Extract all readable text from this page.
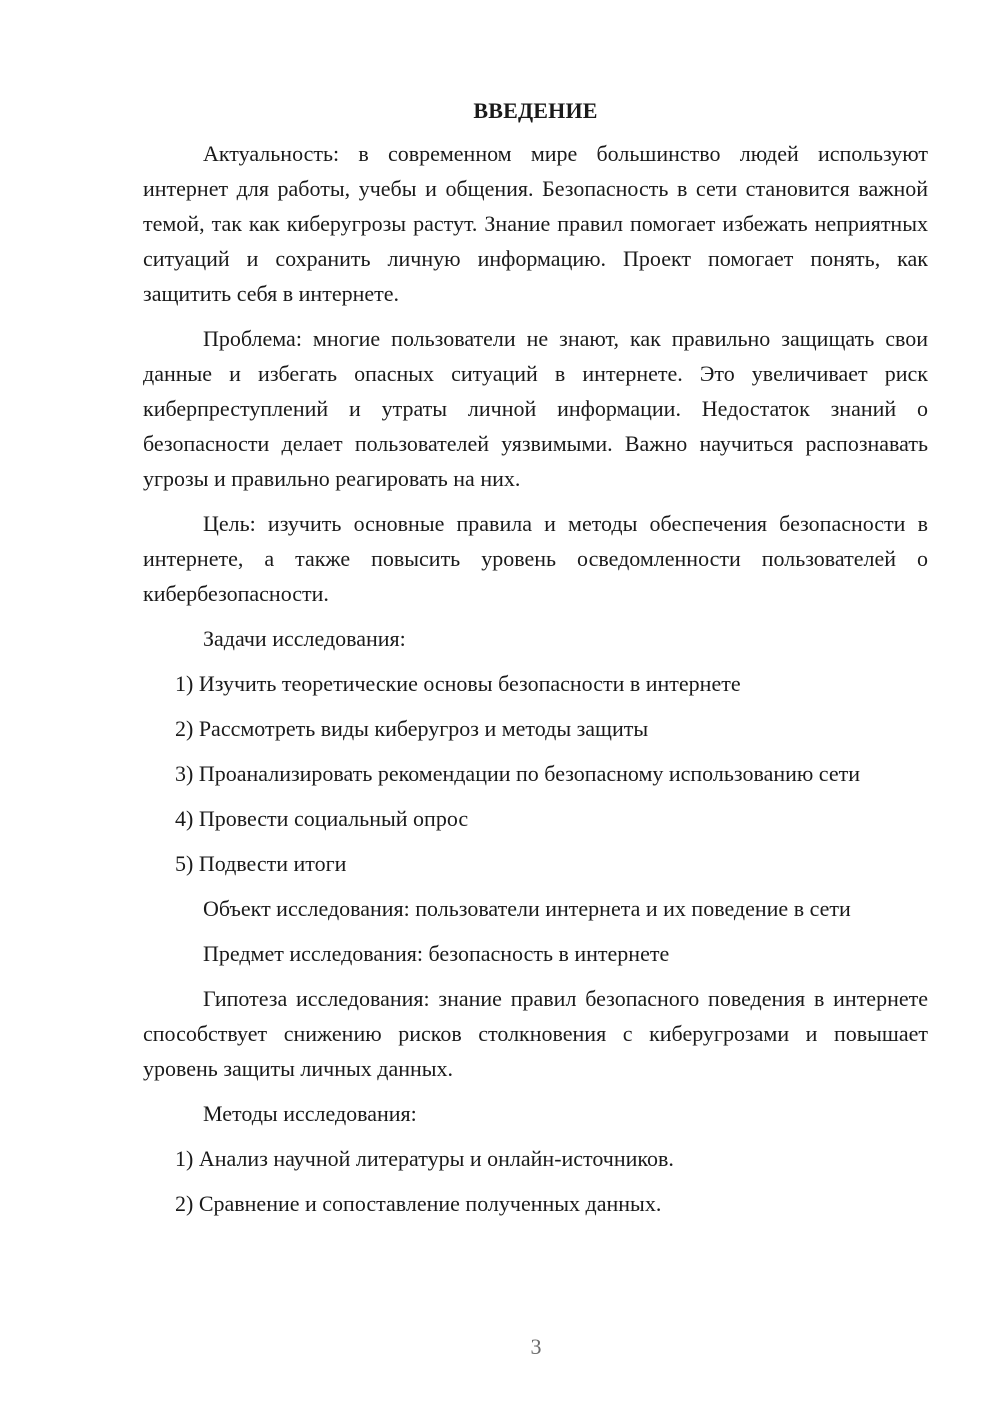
ВВЕДЕНИЕ

Актуальность: в современном мире большинство людей используют интернет для работы, учебы и общения. Безопасность в сети становится важной темой, так как киберугрозы растут. Знание правил помогает избежать неприятных ситуаций и сохранить личную информацию. Проект помогает понять, как защитить себя в интернете.

Проблема: многие пользователи не знают, как правильно защищать свои данные и избегать опасных ситуаций в интернете. Это увеличивает риск киберпреступлений и утраты личной информации. Недостаток знаний о безопасности делает пользователей уязвимыми. Важно научиться распознавать угрозы и правильно реагировать на них.

Цель: изучить основные правила и методы обеспечения безопасности в интернете, а также повысить уровень осведомленности пользователей о кибербезопасности.

Задачи исследования:

1) Изучить теоретические основы безопасности в интернете

2) Рассмотреть виды киберугроз и методы защиты

3) Проанализировать рекомендации по безопасному использованию сети

4) Провести социальный опрос

5) Подвести итоги

Объект исследования: пользователи интернета и их поведение в сети

Предмет исследования: безопасность в интернете

Гипотеза исследования: знание правил безопасного поведения в интернете способствует снижению рисков столкновения с киберугрозами и повышает уровень защиты личных данных.

Методы исследования:

1) Анализ научной литературы и онлайн-источников.

2) Сравнение и сопоставление полученных данных.

3
